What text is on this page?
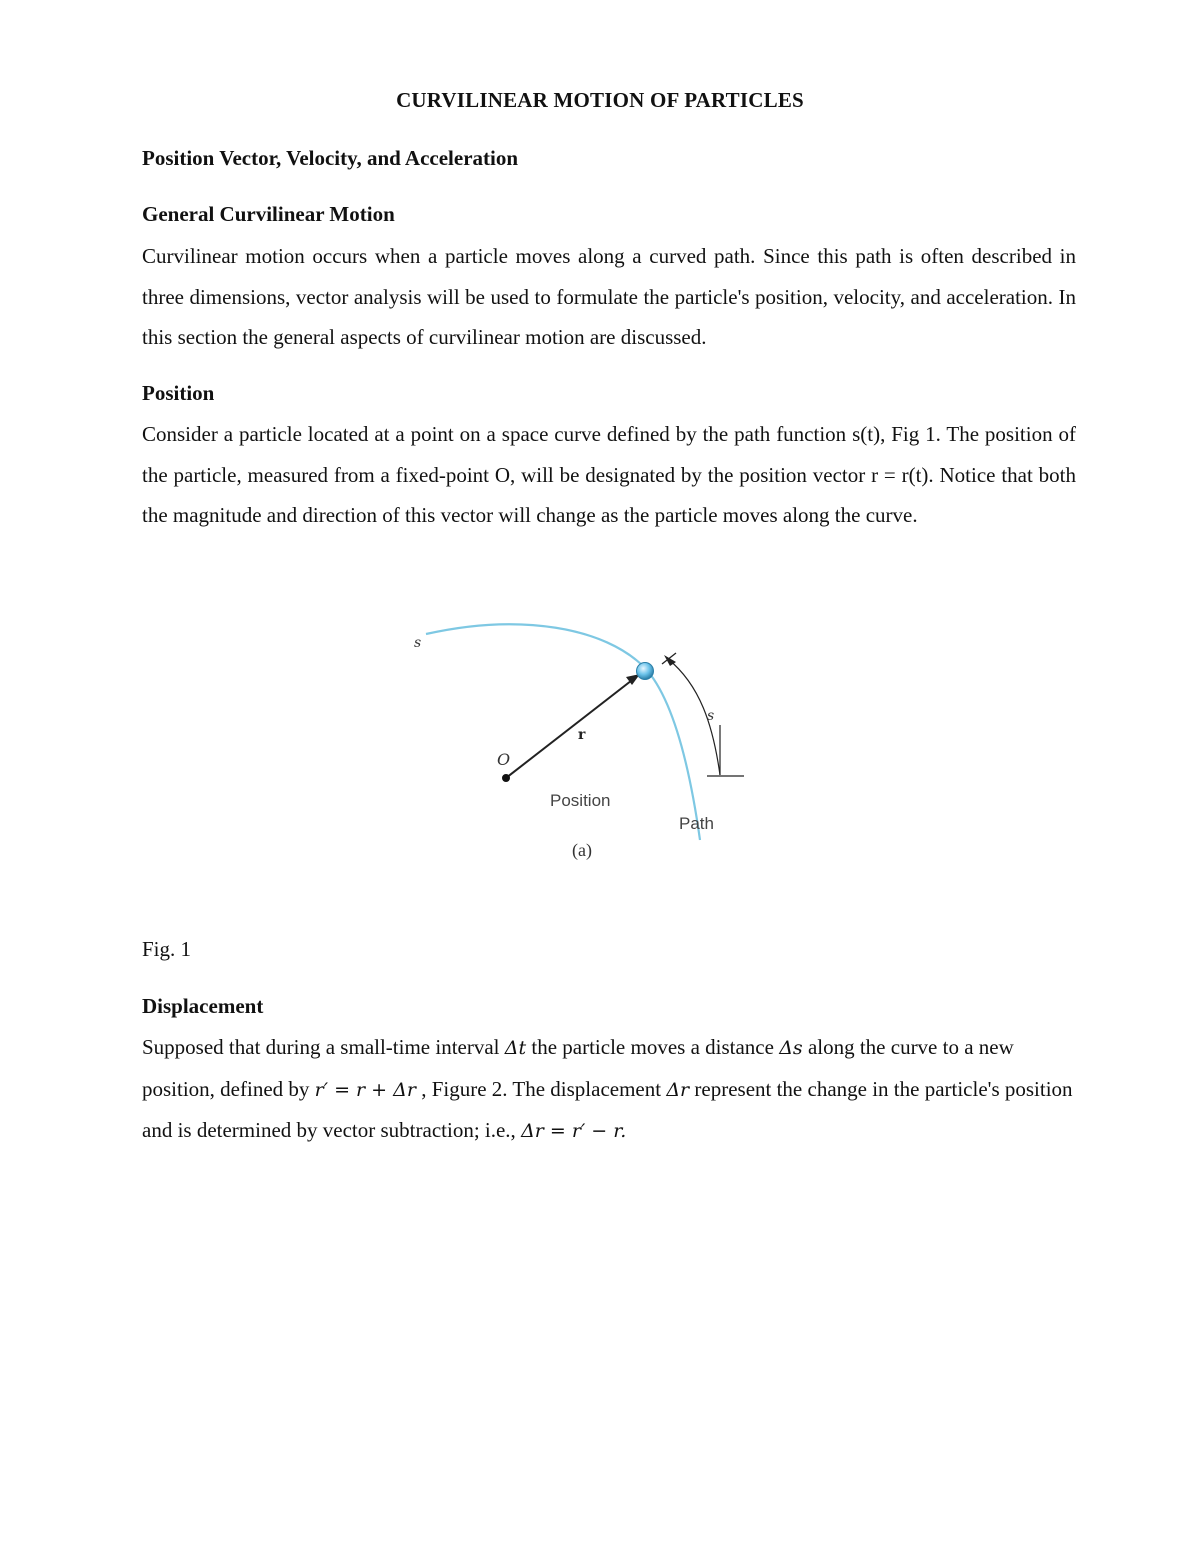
CURVILINEAR MOTION OF PARTICLES
Position Vector, Velocity, and Acceleration
General Curvilinear Motion
Curvilinear motion occurs when a particle moves along a curved path. Since this path is often described in three dimensions, vector analysis will be used to formulate the particle's position, velocity, and acceleration. In this section the general aspects of curvilinear motion are discussed.
Position
Consider a particle located at a point on a space curve defined by the path function s(t), Fig 1. The position of the particle, measured from a fixed-point O, will be designated by the position vector r = r(t). Notice that both the magnitude and direction of this vector will change as the particle moves along the curve.
s
s
O
r
Position
Path
(a)
Fig. 1
Displacement
Supposed that during a small-time interval Δt the particle moves a distance Δs along the curve to a new position, defined by r′ = r + Δr , Figure 2. The displacement Δr represent the change in the particle's position and is determined by vector subtraction; i.e., Δr = r′ − r.
